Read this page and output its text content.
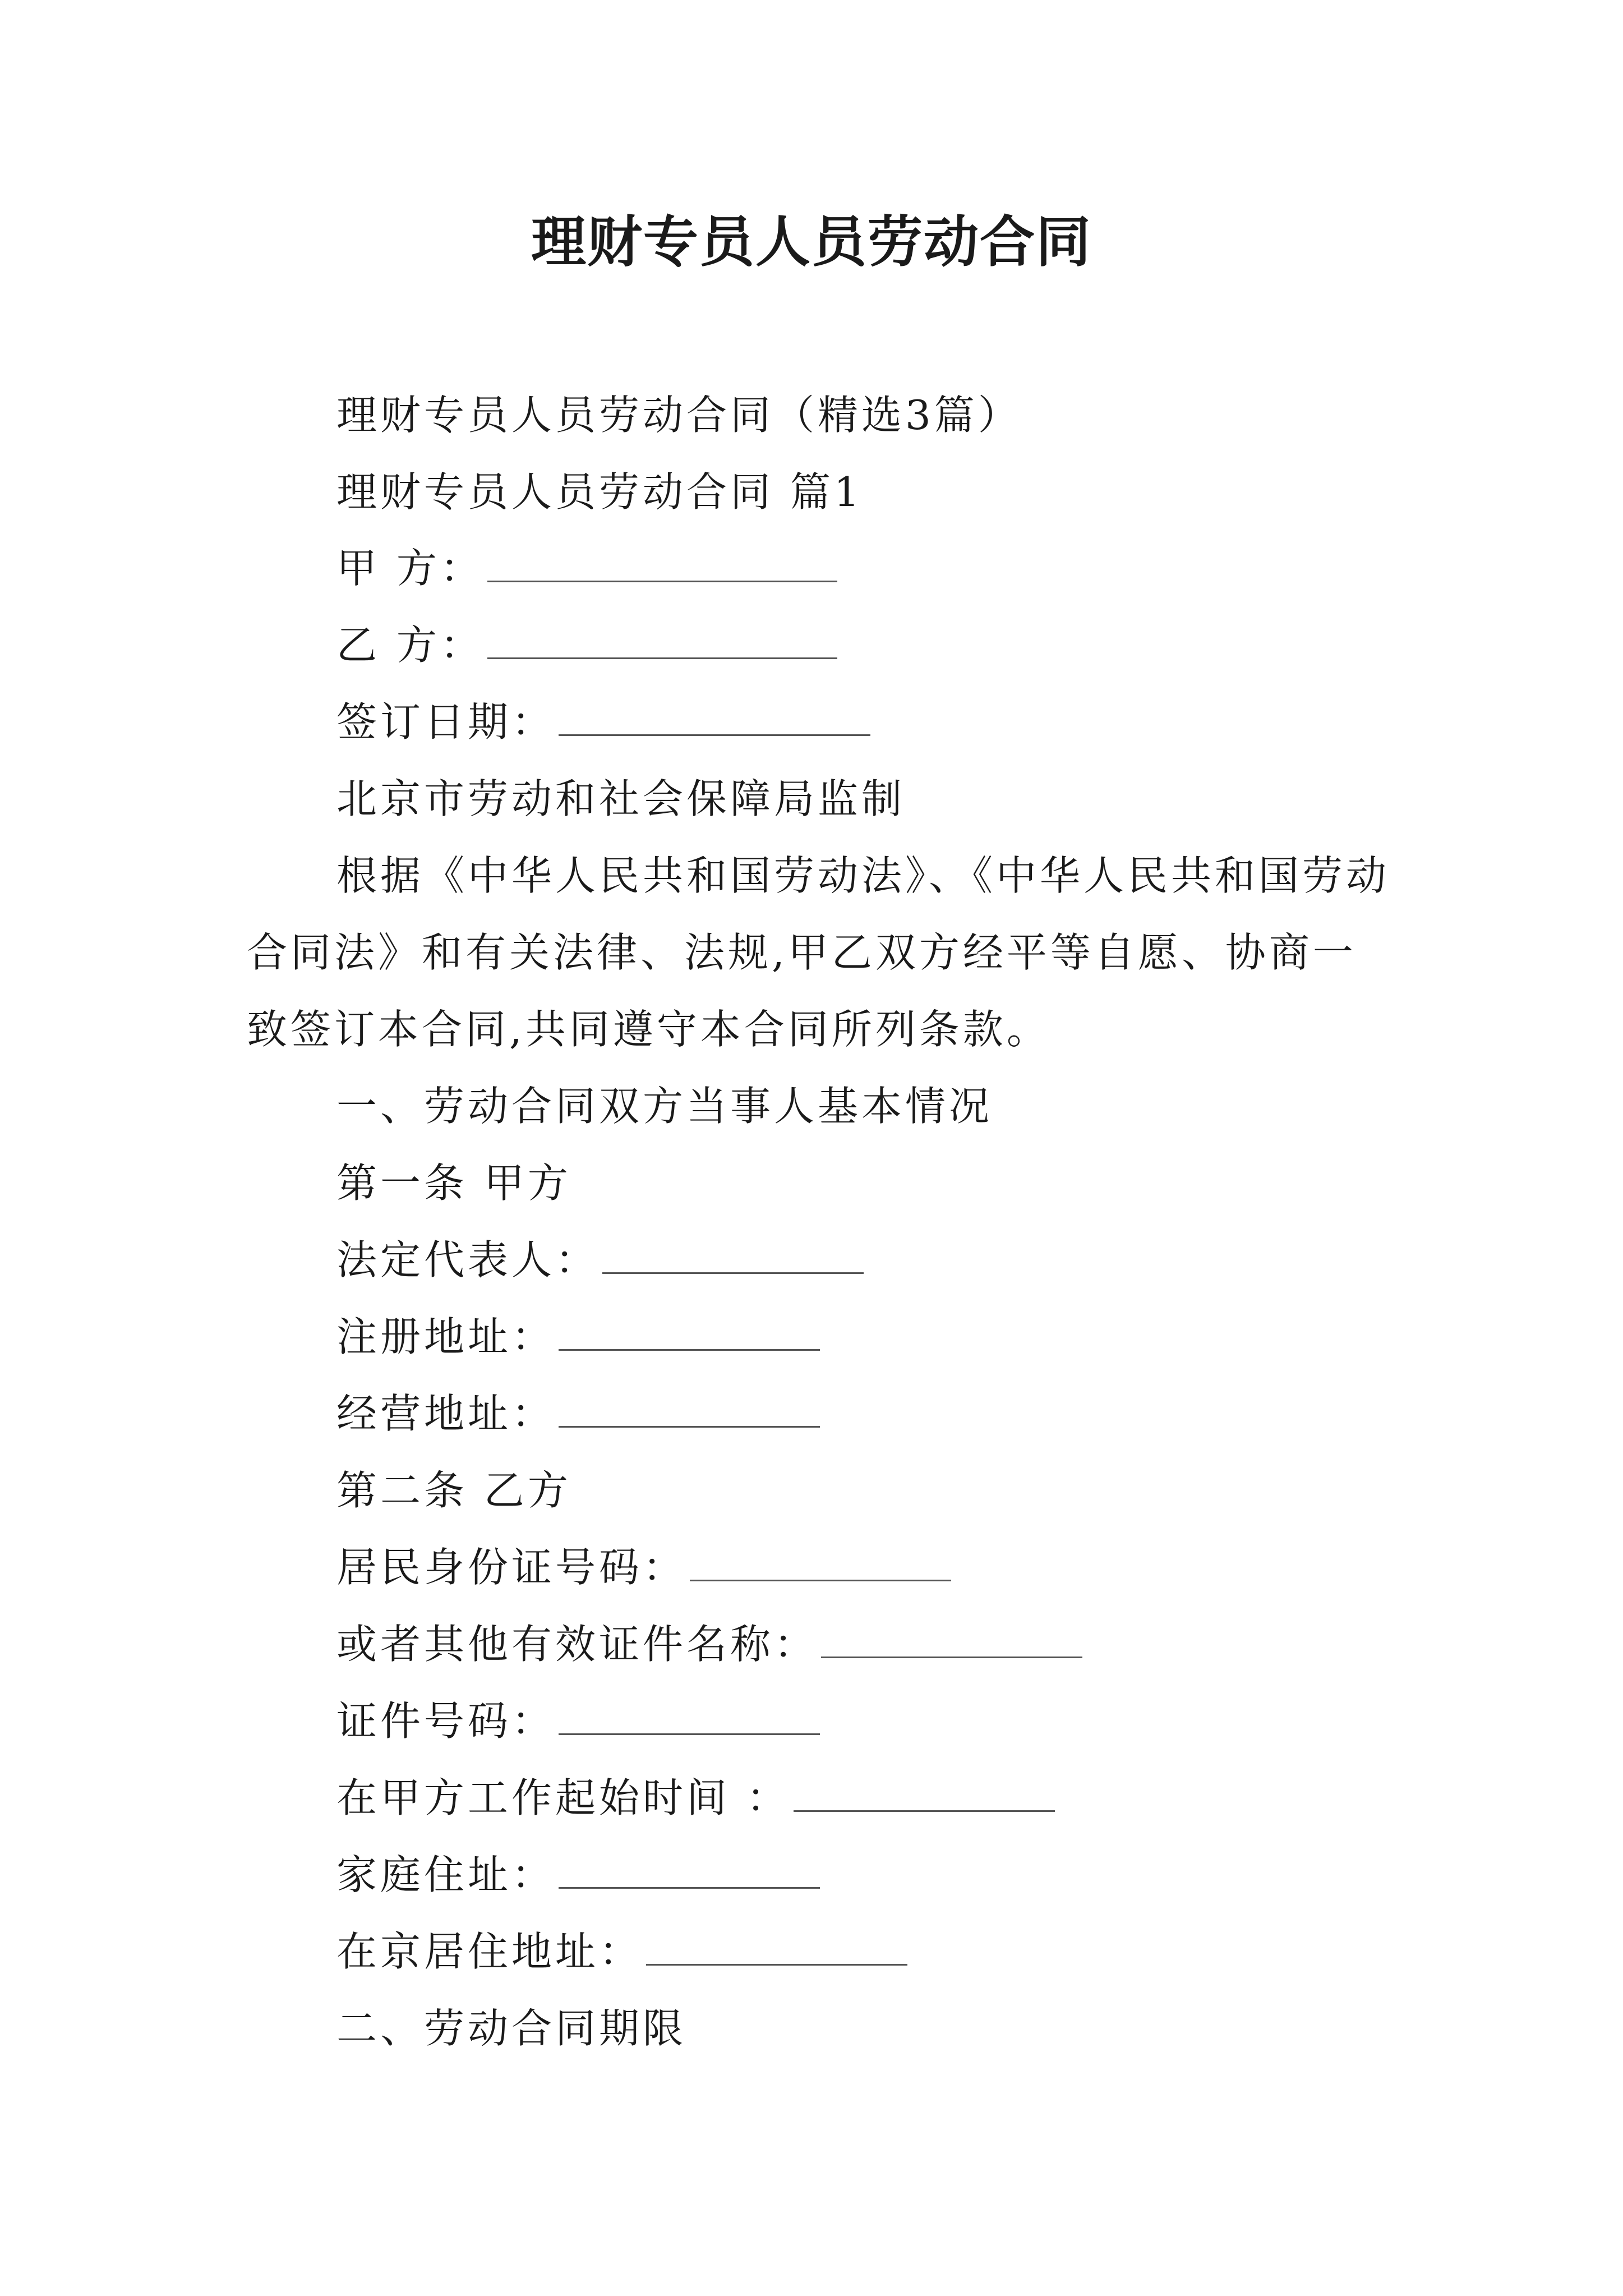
理财专员人员劳动合同
理财专员人员劳动合同（精选3篇）
理财专员人员劳动合同 篇1
甲 方：
乙 方：
签订日期：
北京市劳动和社会保障局监制
根据《中华人民共和国劳动法》、《中华人民共和国劳动
合同法》和有关法律、法规,甲乙双方经平等自愿、协商一
致签订本合同,共同遵守本合同所列条款。
一、劳动合同双方当事人基本情况
第一条 甲方
法定代表人：
注册地址：
经营地址：
第二条 乙方
居民身份证号码：
或者其他有效证件名称：
证件号码：
在甲方工作起始时间 ：
家庭住址：
在京居住地址：
二、劳动合同期限
